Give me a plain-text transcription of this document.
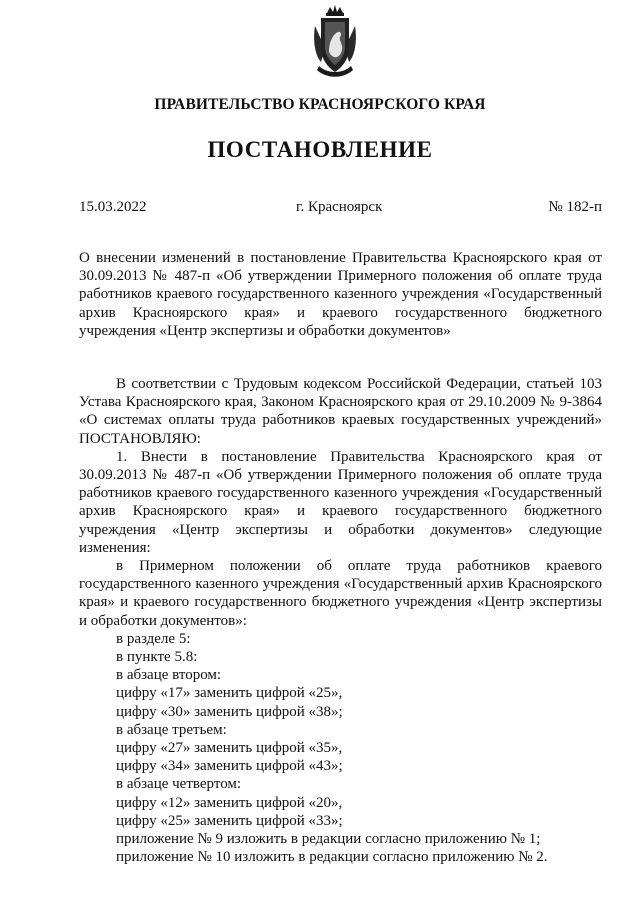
ПРАВИТЕЛЬСТВО КРАСНОЯРСКОГО КРАЯ
ПОСТАНОВЛЕНИЕ
15.03.2022	г. Красноярск	№ 182-п
О внесении изменений в постановление Правительства Красноярского края от 30.09.2013 № 487-п «Об утверждении Примерного положения об оплате труда работников краевого государственного казенного учреждения «Государственный архив Красноярского края» и краевого государственного бюджетного учреждения «Центр экспертизы и обработки документов»

В соответствии с Трудовым кодексом Российской Федерации, статьей 103 Устава Красноярского края, Законом Красноярского края от 29.10.2009 № 9-3864 «О системах оплаты труда работников краевых государственных учреждений» ПОСТАНОВЛЯЮ:

1. Внести в постановление Правительства Красноярского края от 30.09.2013 № 487-п «Об утверждении Примерного положения об оплате труда работников краевого государственного казенного учреждения «Государственный архив Красноярского края» и краевого государственного бюджетного учреждения «Центр экспертизы и обработки документов» следующие изменения:

в Примерном положении об оплате труда работников краевого государственного казенного учреждения «Государственный архив Красноярского края» и краевого государственного бюджетного учреждения «Центр экспертизы и обработки документов»:

в разделе 5:

в пункте 5.8:

в абзаце втором:

цифру «17» заменить цифрой «25»,

цифру «30» заменить цифрой «38»;

в абзаце третьем:

цифру «27» заменить цифрой «35»,

цифру «34» заменить цифрой «43»;

в абзаце четвертом:

цифру «12» заменить цифрой «20»,

цифру «25» заменить цифрой «33»;

приложение № 9 изложить в редакции согласно приложению № 1;

приложение № 10 изложить в редакции согласно приложению № 2.
